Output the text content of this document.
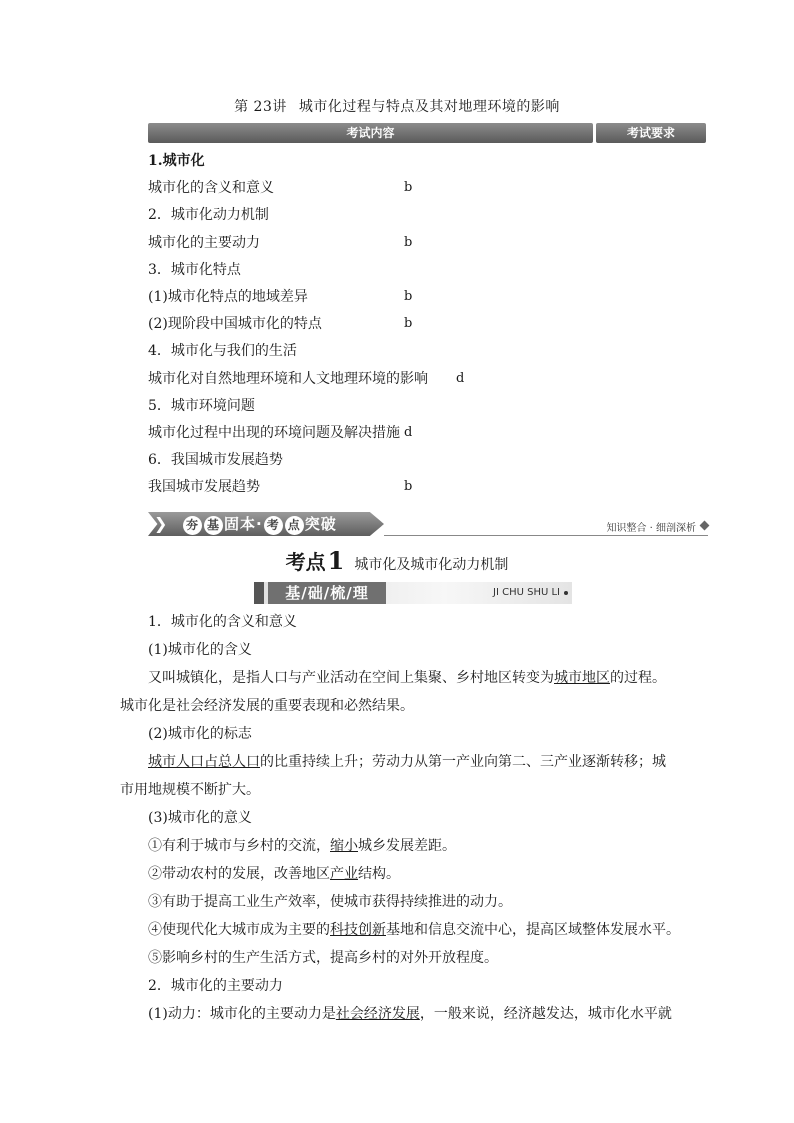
第 23讲 城市化过程与特点及其对地理环境的影响
考试内容	考试要求
1.城市化
城市化的含义和意义	b
2．城市化动力机制
城市化的主要动力	b
3．城市化特点
(1)城市化特点的地域差异	b
(2)现阶段中国城市化的特点	b
4．城市化与我们的生活
城市化对自然地理环境和人文地理环境的影响 d
5．城市环境问题
城市化过程中出现的环境问题及解决措施 d
6．我国城市发展趋势
我国城市发展趋势	b
❯	夯 基 固本· 考 点 突破	知识整合 · 细剖深析
考点1 城市化及城市化动力机制
基/础/梳/理	JI CHU SHU LI
1．城市化的含义和意义
(1)城市化的含义
又叫城镇化，是指人口与产业活动在空间上集聚、乡村地区转变为城市地区的过程。城市化是社会经济发展的重要表现和必然结果。
(2)城市化的标志
城市人口占总人口的比重持续上升；劳动力从第一产业向第二、三产业逐渐转移；城市用地规模不断扩大。
(3)城市化的意义
①有利于城市与乡村的交流，缩小城乡发展差距。
②带动农村的发展，改善地区产业结构。
③有助于提高工业生产效率，使城市获得持续推进的动力。
④使现代化大城市成为主要的科技创新基地和信息交流中心，提高区域整体发展水平。
⑤影响乡村的生产生活方式，提高乡村的对外开放程度。
2．城市化的主要动力
(1)动力：城市化的主要动力是社会经济发展，一般来说，经济越发达，城市化水平就
